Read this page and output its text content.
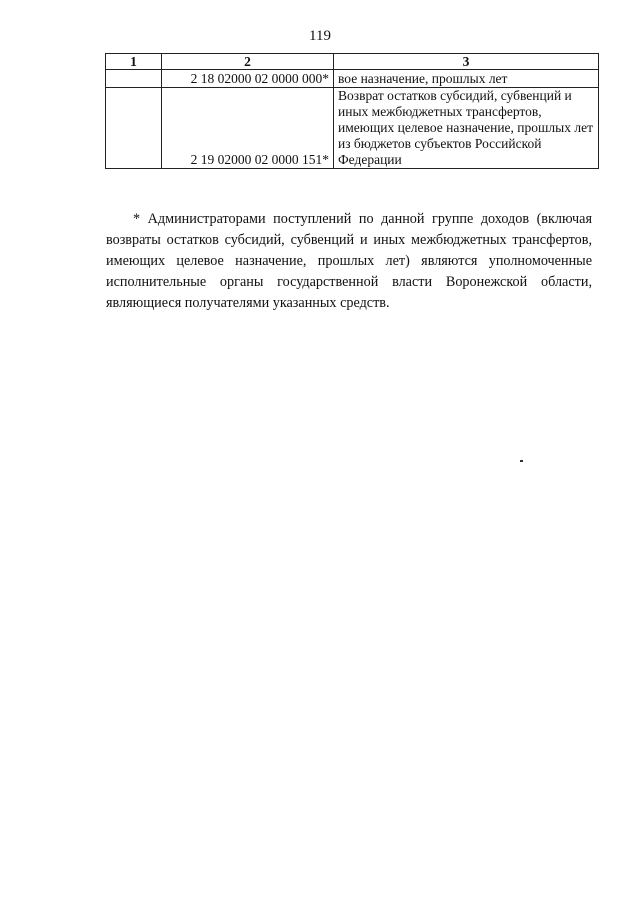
119
1	2	3
	2 18 02000 02 0000 000*	вое назначение, прошлых лет
	2 19 02000 02 0000 151*	Возврат остатков субсидий, субвенций и иных межбюджетных трансфертов, имеющих целевое назначение, прошлых лет из бюджетов субъектов Российской Федерации

* Администраторами поступлений по данной группе доходов (включая возвраты остатков субсидий, субвенций и иных межбюджетных трансфертов, имеющих целевое назначение, прошлых лет) являются уполномоченные исполнительные органы государственной власти Воронежской области, являющиеся получателями указанных средств.
